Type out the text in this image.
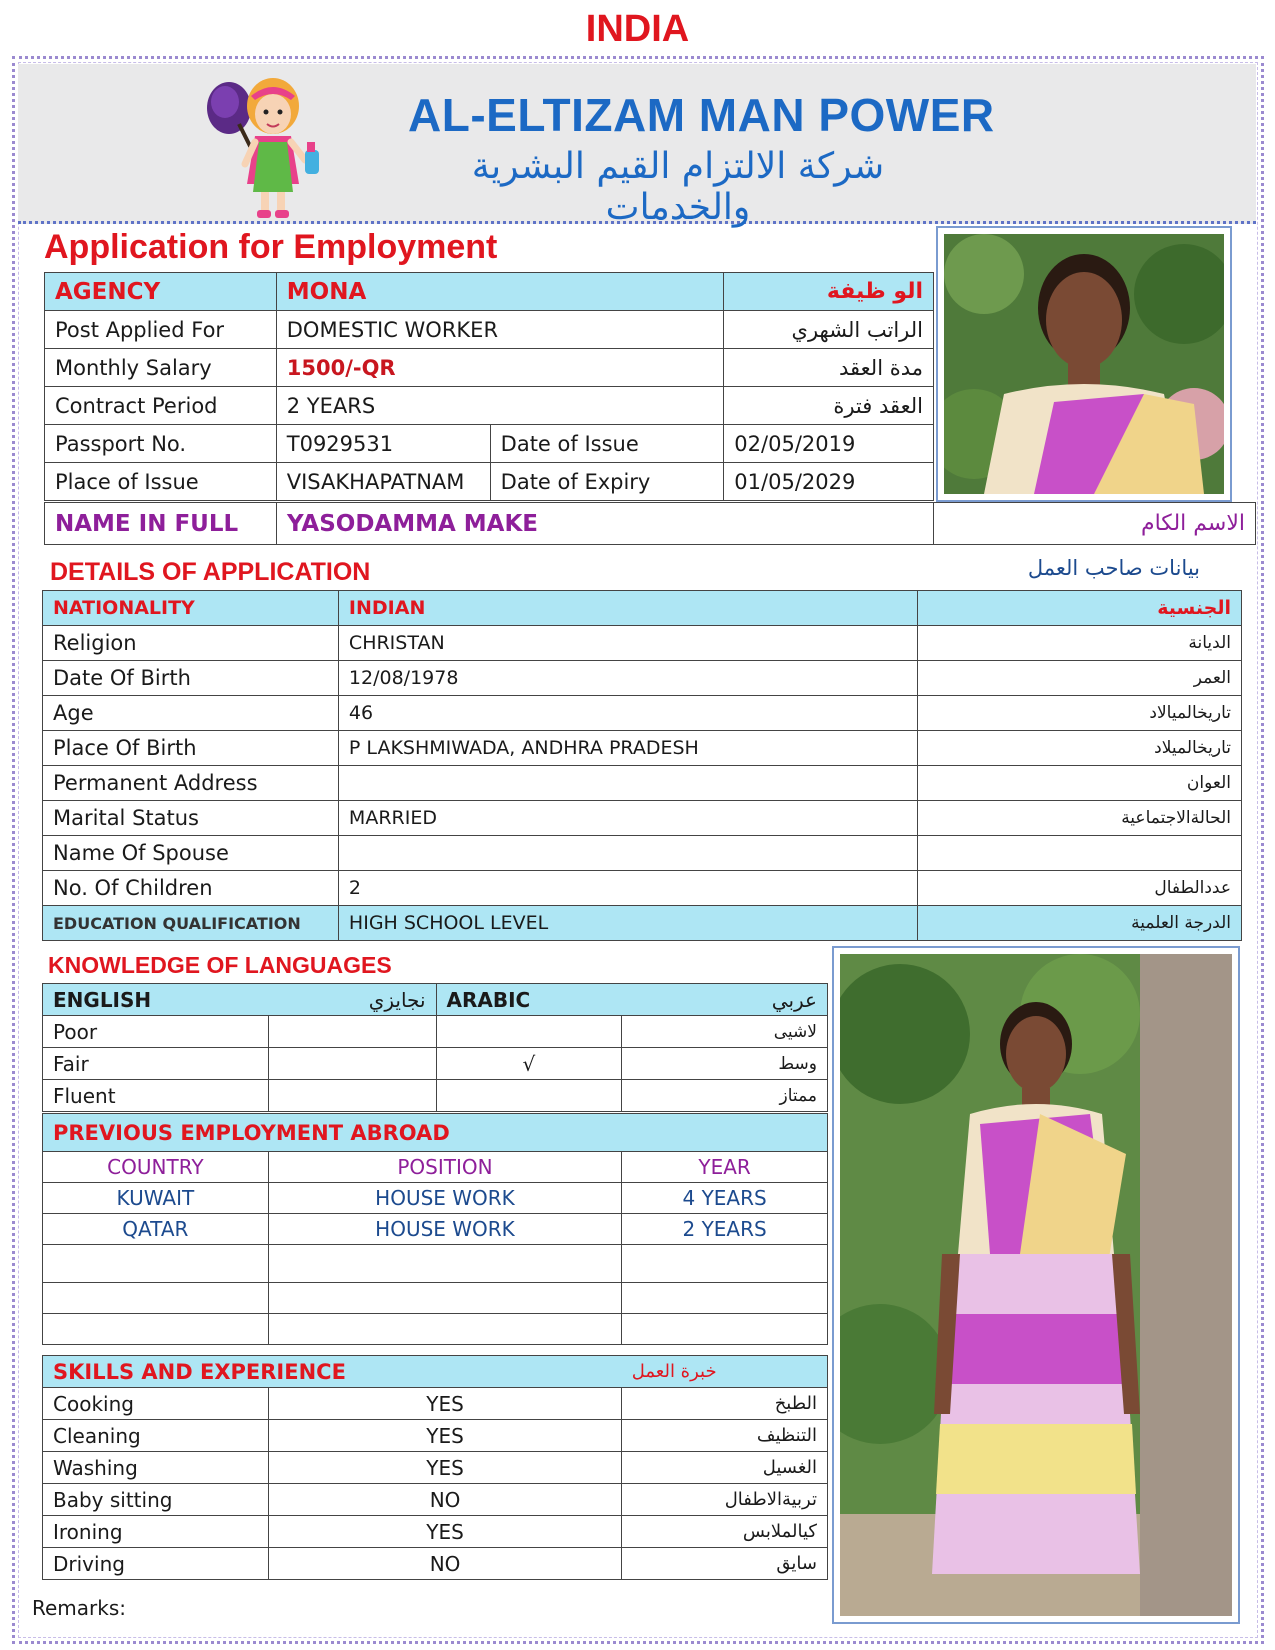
INDIA
AL-ELTIZAM MAN POWER
شركة الالتزام القيم البشرية والخدمات
Application for Employment
AGENCY	MONA		الو ظيفة
Post Applied For	DOMESTIC WORKER		الراتب الشهري
Monthly Salary	1500/-QR		مدة العقد
Contract Period	2 YEARS		العقد فترة
Passport No.	T0929531	Date of Issue	02/05/2019
Place of Issue	VISAKHAPATNAM	Date of Expiry	01/05/2029
NAME IN FULL	YASODAMMA MAKE	الاسم الكام
DETAILS OF APPLICATION	بيانات صاحب العمل
NATIONALITY	INDIAN	الجنسية
Religion	CHRISTAN	الديانة
Date Of Birth	12/08/1978	العمر
Age	46	تاريخالميالاد
Place Of Birth	P LAKSHMIWADA, ANDHRA PRADESH	تاريخالميلاد
Permanent Address		العوان
Marital Status	MARRIED	الحالةالاجتماعية
Name Of Spouse		
No. Of Children	2	عددالطفال
EDUCATION QUALIFICATION	HIGH SCHOOL LEVEL	الدرجة العلمية
KNOWLEDGE OF LANGUAGES
ENGLISH	نجايزي	ARABIC	عربي
Poor			لاشيى
Fair		√	وسط
Fluent			ممتاز
PREVIOUS EMPLOYMENT ABROAD		
COUNTRY	POSITION	YEAR
KUWAIT	HOUSE WORK	4 YEARS
QATAR	HOUSE WORK	2 YEARS

SKILLS AND EXPERIENCE		خبرة العمل
Cooking	YES	الطبخ
Cleaning	YES	التنظيف
Washing	YES	الغسيل
Baby sitting	NO	تربيةالاطفال
Ironing	YES	كيالملابس
Driving	NO	سايق
Remarks:
